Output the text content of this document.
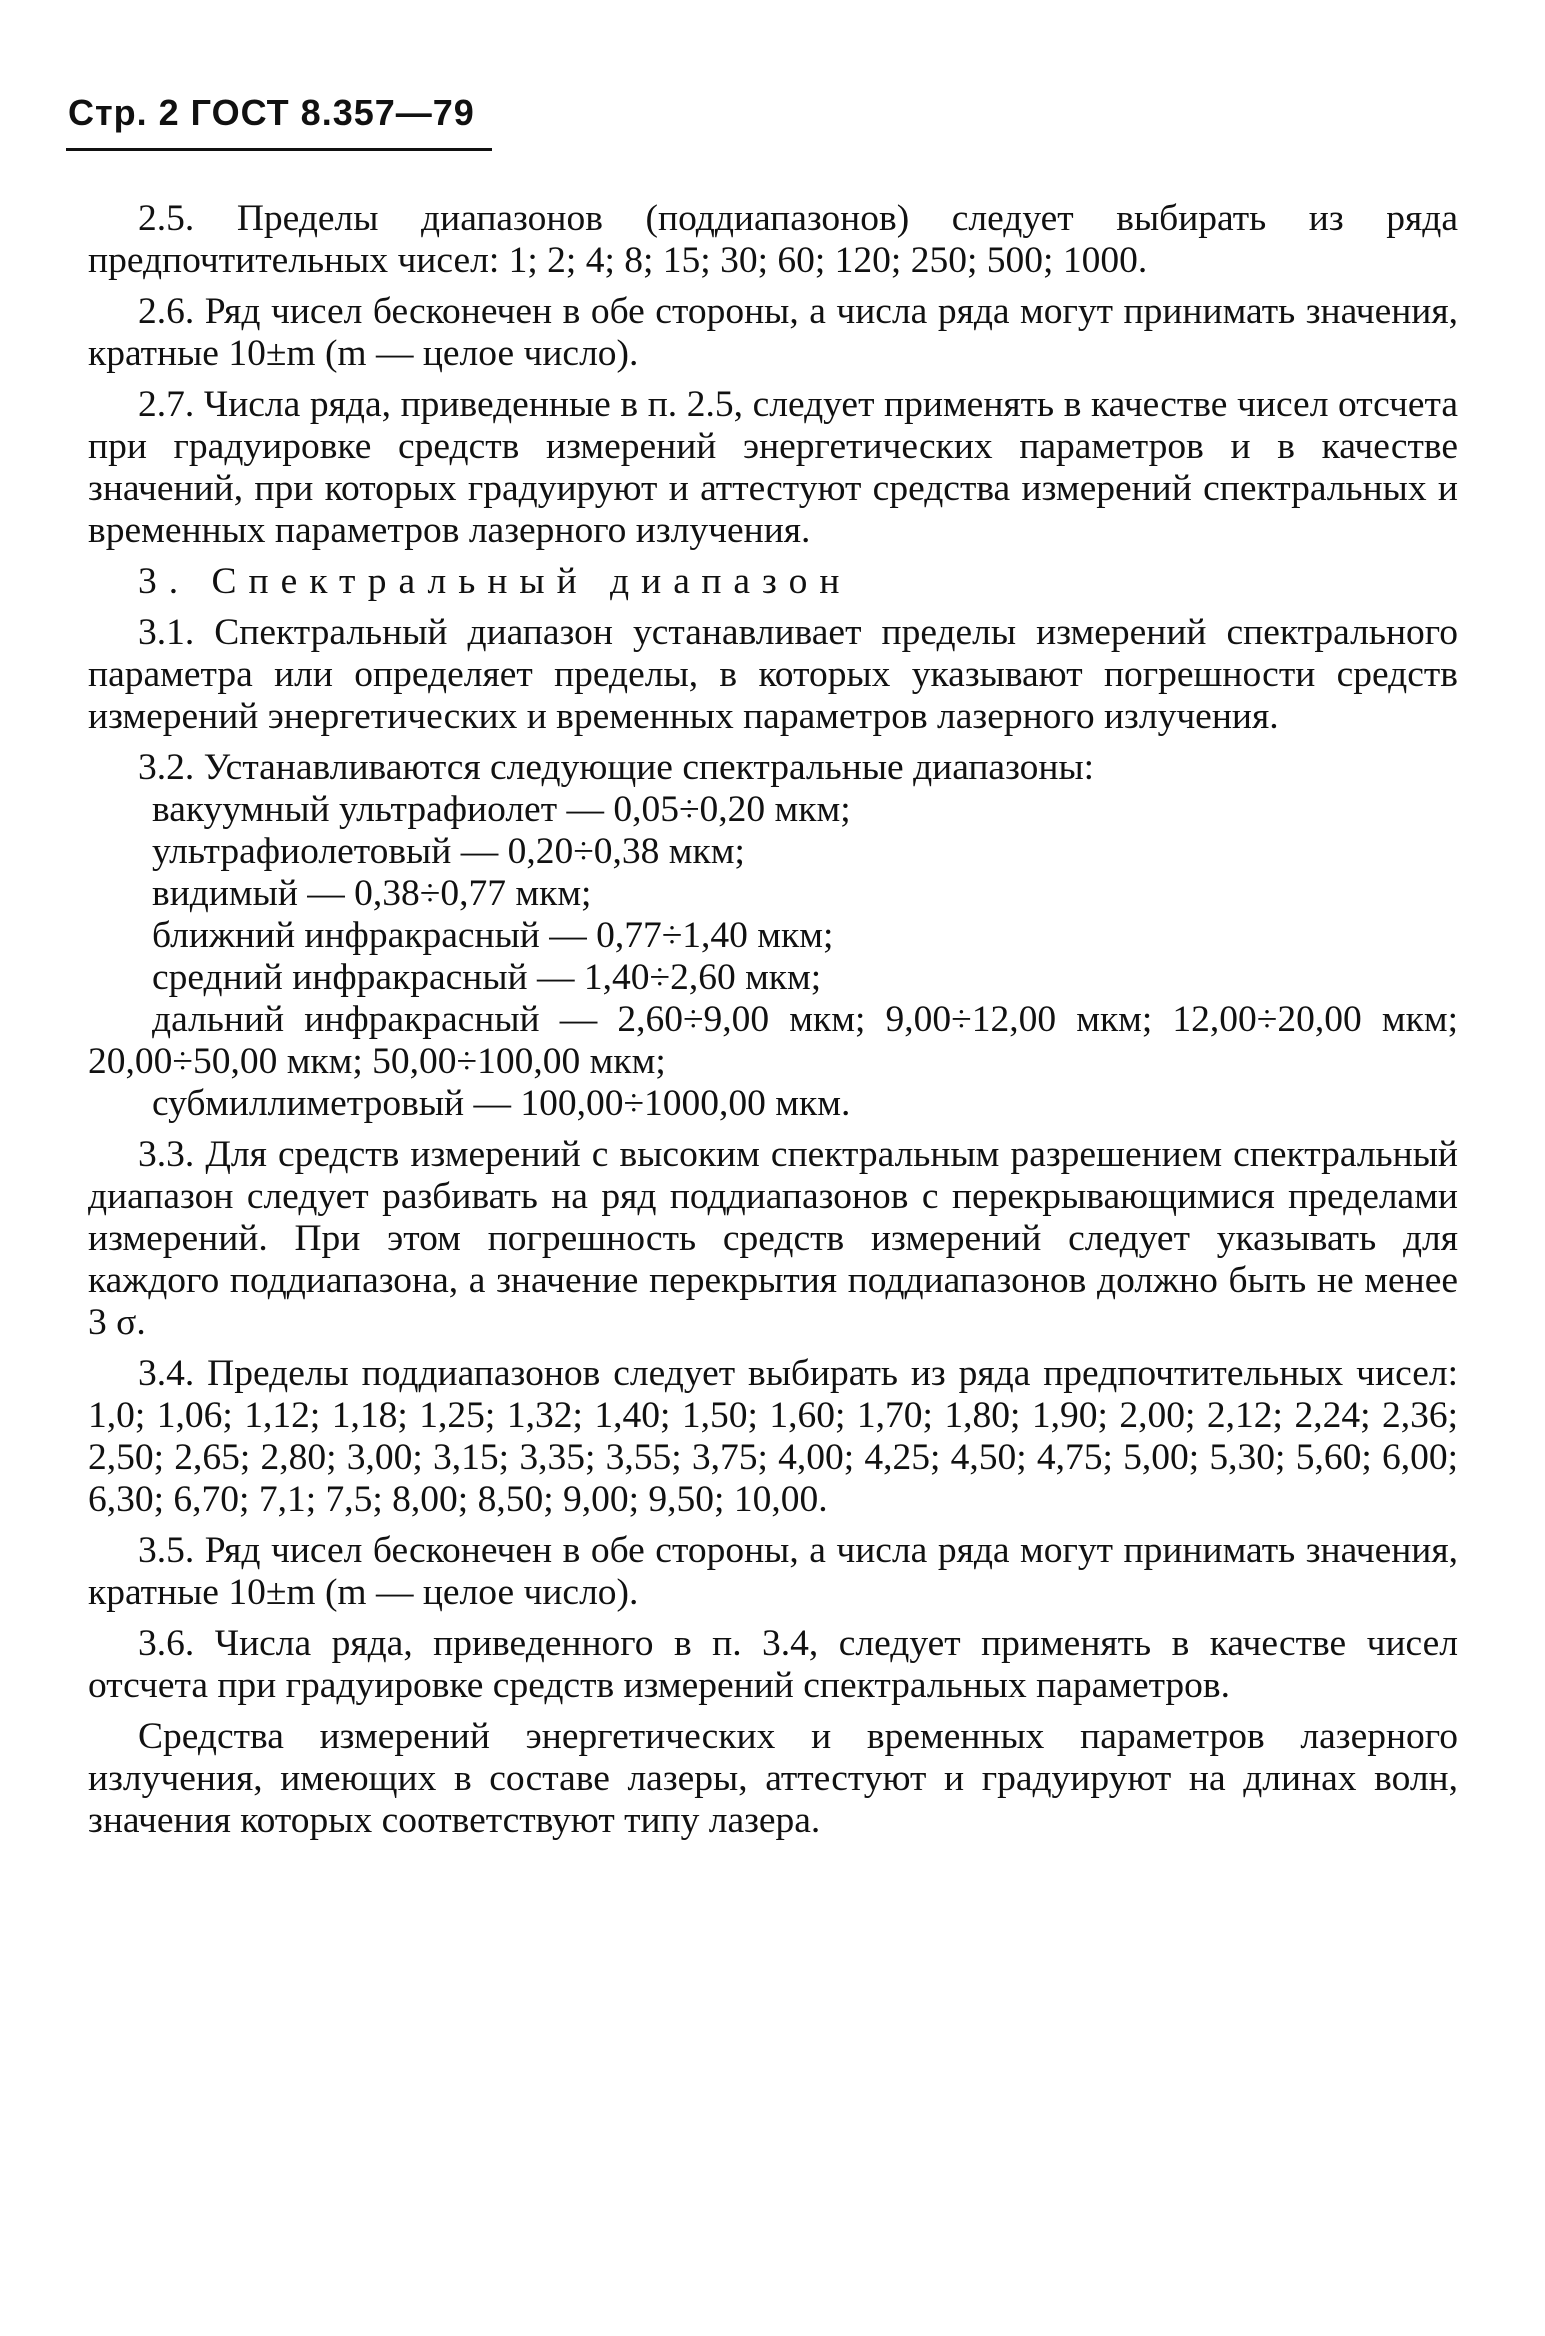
Стр. 2 ГОСТ 8.357—79

2.5. Пределы диапазонов (поддиапазонов) следует выбирать из ряда предпочтительных чисел: 1; 2; 4; 8; 15; 30; 60; 120; 250; 500; 1000.

2.6. Ряд чисел бесконечен в обе стороны, а числа ряда могут принимать значения, кратные 10±m (m — целое число).

2.7. Числа ряда, приведенные в п. 2.5, следует применять в качестве чисел отсчета при градуировке средств измерений энергетических параметров и в качестве значений, при которых градуируют и аттестуют средства измерений спектральных и временных параметров лазерного излучения.

3. Спектральный диапазон

3.1. Спектральный диапазон устанавливает пределы измерений спектрального параметра или определяет пределы, в которых указывают погрешности средств измерений энергетических и временных параметров лазерного излучения.

3.2. Устанавливаются следующие спектральные диапазоны:

вакуумный ультрафиолет — 0,05÷0,20 мкм;

ультрафиолетовый — 0,20÷0,38 мкм;

видимый — 0,38÷0,77 мкм;

ближний инфракрасный — 0,77÷1,40 мкм;

средний инфракрасный — 1,40÷2,60 мкм;

дальний инфракрасный — 2,60÷9,00 мкм; 9,00÷12,00 мкм; 12,00÷20,00 мкм; 20,00÷50,00 мкм; 50,00÷100,00 мкм;

субмиллиметровый — 100,00÷1000,00 мкм.

3.3. Для средств измерений с высоким спектральным разрешением спектральный диапазон следует разбивать на ряд поддиапазонов с перекрывающимися пределами измерений. При этом погрешность средств измерений следует указывать для каждого поддиапазона, а значение перекрытия поддиапазонов должно быть не менее 3 σ.

3.4. Пределы поддиапазонов следует выбирать из ряда предпочтительных чисел: 1,0; 1,06; 1,12; 1,18; 1,25; 1,32; 1,40; 1,50; 1,60; 1,70; 1,80; 1,90; 2,00; 2,12; 2,24; 2,36; 2,50; 2,65; 2,80; 3,00; 3,15; 3,35; 3,55; 3,75; 4,00; 4,25; 4,50; 4,75; 5,00; 5,30; 5,60; 6,00; 6,30; 6,70; 7,1; 7,5; 8,00; 8,50; 9,00; 9,50; 10,00.

3.5. Ряд чисел бесконечен в обе стороны, а числа ряда могут принимать значения, кратные 10±m (m — целое число).

3.6. Числа ряда, приведенного в п. 3.4, следует применять в качестве чисел отсчета при градуировке средств измерений спектральных параметров.

Средства измерений энергетических и временных параметров лазерного излучения, имеющих в составе лазеры, аттестуют и градуируют на длинах волн, значения которых соответствуют типу лазера.
